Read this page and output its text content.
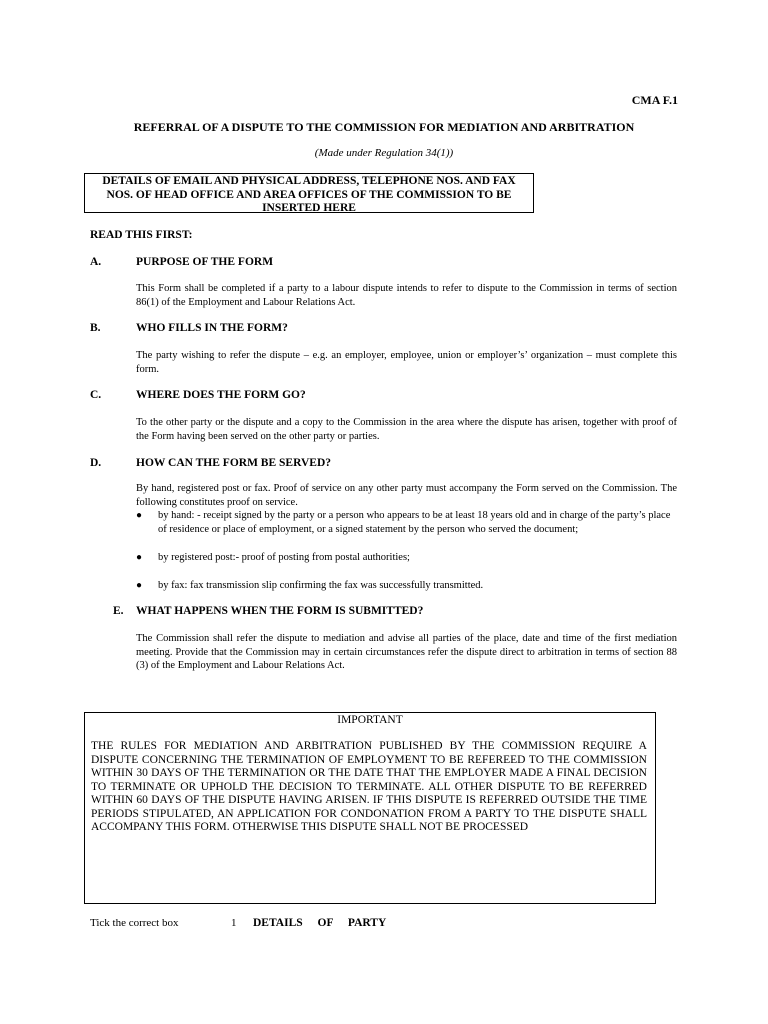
CMA F.1
REFERRAL OF A DISPUTE TO THE COMMISSION FOR MEDIATION AND ARBITRATION
(Made under Regulation 34(1))
DETAILS OF EMAIL AND PHYSICAL ADDRESS, TELEPHONE NOS. AND FAX
NOS. OF HEAD OFFICE AND AREA OFFICES OF THE COMMISSION TO BE
INSERTED HERE
READ THIS FIRST:
A.	PURPOSE OF THE FORM
This Form shall be completed if a party to a labour dispute intends to refer to dispute to the Commission in terms of section 86(1) of the Employment and Labour Relations Act.
B.	WHO FILLS IN THE FORM?
The party wishing to refer the dispute – e.g. an employer, employee, union or employer’s’ organization – must complete this form.
C.	WHERE DOES THE FORM GO?
To the other party or the dispute and a copy to the Commission in the area where the dispute has arisen, together with proof of the Form having been served on the other party or parties.
D.	HOW CAN THE FORM BE SERVED?
By hand, registered post or fax. Proof of service on any other party must accompany the Form served on the Commission. The following constitutes proof on service.
● by hand: - receipt signed by the party or a person who appears to be at least 18 years old and in charge of the party’s place of residence or place of employment, or a signed statement by the person who served the document;
● by registered post:- proof of posting from postal authorities;
● by fax: fax transmission slip confirming the fax was successfully transmitted.
E. WHAT HAPPENS WHEN THE FORM IS SUBMITTED?
The Commission shall refer the dispute to mediation and advise all parties of the place, date and time of the first mediation meeting. Provide that the Commission may in certain circumstances refer the dispute direct to arbitration in terms of section 88 (3) of the Employment and Labour Relations Act.
IMPORTANT
THE RULES FOR MEDIATION AND ARBITRATION PUBLISHED BY THE COMMISSION REQUIRE A DISPUTE CONCERNING THE TERMINATION OF EMPLOYMENT TO BE REFEREED TO THE COMMISSION WITHIN 30 DAYS OF THE TERMINATION OR THE DATE THAT THE EMPLOYER MADE A FINAL DECISION TO TERMINATE OR UPHOLD THE DECISION TO TERMINATE. ALL OTHER DISPUTE TO BE REFERRED WITHIN 60 DAYS OF THE DISPUTE HAVING ARISEN. IF THIS DISPUTE IS REFERRED OUTSIDE THE TIME PERIODS STIPULATED, AN APPLICATION FOR CONDONATION FROM A PARTY TO THE DISPUTE SHALL ACCOMPANY THIS FORM. OTHERWISE THIS DISPUTE SHALL NOT BE PROCESSED
Tick the correct box	1 DETAILS OF PARTY
